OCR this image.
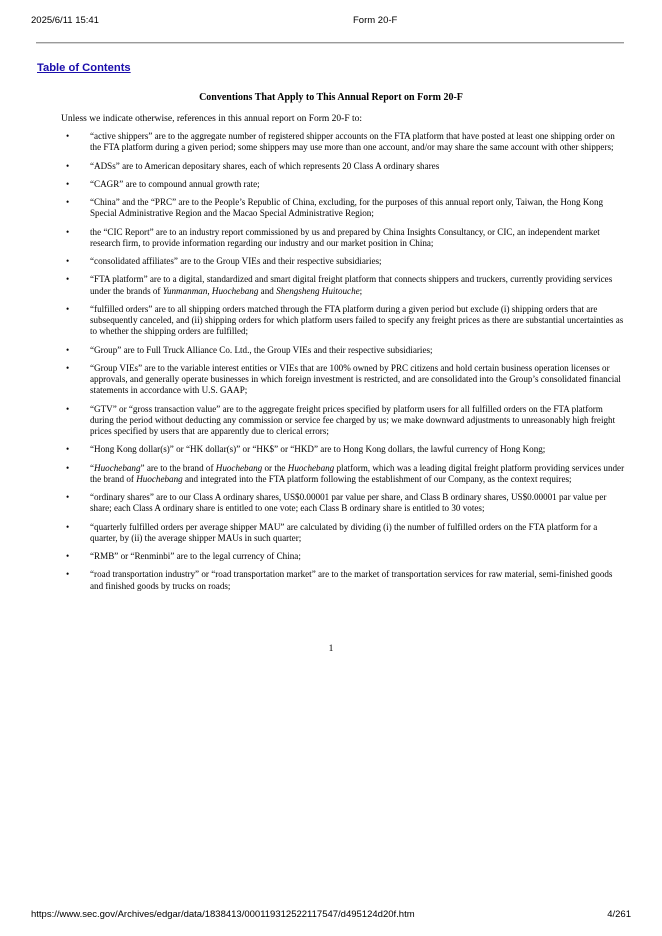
2025/6/11 15:41	Form 20-F
Table of Contents
Conventions That Apply to This Annual Report on Form 20-F
Unless we indicate otherwise, references in this annual report on Form 20-F to:
• “active shippers” are to the aggregate number of registered shipper accounts on the FTA platform that have posted at least one shipping order on the FTA platform during a given period; some shippers may use more than one account, and/or may share the same account with other shippers;
• “ADSs” are to American depositary shares, each of which represents 20 Class A ordinary shares
• “CAGR” are to compound annual growth rate;
• “China” and the “PRC” are to the People’s Republic of China, excluding, for the purposes of this annual report only, Taiwan, the Hong Kong Special Administrative Region and the Macao Special Administrative Region;
• the “CIC Report” are to an industry report commissioned by us and prepared by China Insights Consultancy, or CIC, an independent market research firm, to provide information regarding our industry and our market position in China;
• “consolidated affiliates” are to the Group VIEs and their respective subsidiaries;
• “FTA platform” are to a digital, standardized and smart digital freight platform that connects shippers and truckers, currently providing services under the brands of Yunmanman, Huochebang and Shengsheng Huitouche;
• “fulfilled orders” are to all shipping orders matched through the FTA platform during a given period but exclude (i) shipping orders that are subsequently canceled, and (ii) shipping orders for which platform users failed to specify any freight prices as there are substantial uncertainties as to whether the shipping orders are fulfilled;
• “Group” are to Full Truck Alliance Co. Ltd., the Group VIEs and their respective subsidiaries;
• “Group VIEs” are to the variable interest entities or VIEs that are 100% owned by PRC citizens and hold certain business operation licenses or approvals, and generally operate businesses in which foreign investment is restricted, and are consolidated into the Group’s consolidated financial statements in accordance with U.S. GAAP;
• “GTV” or “gross transaction value” are to the aggregate freight prices specified by platform users for all fulfilled orders on the FTA platform during the period without deducting any commission or service fee charged by us; we make downward adjustments to unreasonably high freight prices specified by users that are apparently due to clerical errors;
• “Hong Kong dollar(s)” or “HK dollar(s)” or “HK$” or “HKD” are to Hong Kong dollars, the lawful currency of Hong Kong;
• “Huochebang” are to the brand of Huochebang or the Huochebang platform, which was a leading digital freight platform providing services under the brand of Huochebang and integrated into the FTA platform following the establishment of our Company, as the context requires;
• “ordinary shares” are to our Class A ordinary shares, US$0.00001 par value per share, and Class B ordinary shares, US$0.00001 par value per share; each Class A ordinary share is entitled to one vote; each Class B ordinary share is entitled to 30 votes;
• “quarterly fulfilled orders per average shipper MAU” are calculated by dividing (i) the number of fulfilled orders on the FTA platform for a quarter, by (ii) the average shipper MAUs in such quarter;
• “RMB” or “Renminbi” are to the legal currency of China;
• “road transportation industry” or “road transportation market” are to the market of transportation services for raw material, semi-finished goods and finished goods by trucks on roads;
1
https://www.sec.gov/Archives/edgar/data/1838413/000119312522117547/d495124d20f.htm	4/261
